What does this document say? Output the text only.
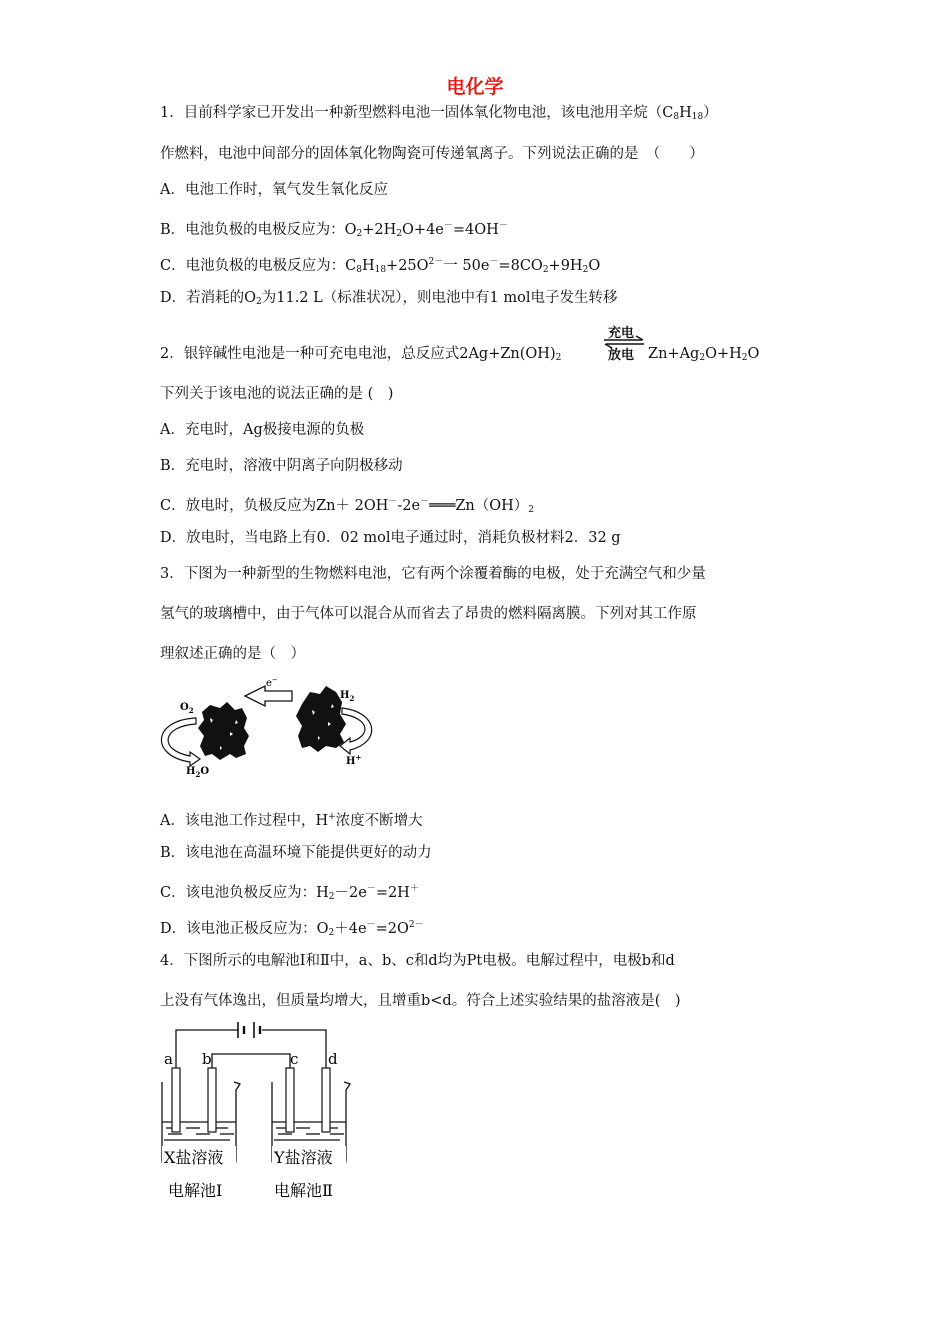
电化学
1．目前科学家已开发出一种新型燃料电池一固体氧化物电池，该电池用辛烷$(C_8H_{18})$
作燃料，电池中间部分的固体氧化物陶瓷可传递氧离子。下列说法正确的是　（　　）
A．电池工作时，氧气发生氧化反应
B．电池负极的电极反应为：$O_2+2H_2O+4e^-=4OH^-$
C．电池负极的电极反应为：$C_8H_{18}+25O^{2-}$一 $50e^-=8CO_2+9H_2O$
D．若消耗的$O_2$为11.2 L（标准状况），则电池中有1 mol电子发生转移
2．银锌碱性电池是一种可充电电池，总反应式$2Ag+Zn(OH)_2$
充电
放电 $Zn+Ag_2O+H_2O$
下列关于该电池的说法正确的是 (　)
A．充电时，Ag极接电源的负极
B．充电时，溶液中阴离子向阴极移动
C．放电时，负极反应为$Zn+ 2OH^--2e^-═══Zn(OH)_2$
D．放电时，当电路上有0．02 mol电子通过时，消耗负极材料2．32 g
3．下图为一种新型的生物燃料电池，它有两个涂覆着酶的电极，处于充满空气和少量
氢气的玻璃槽中，由于气体可以混合从而省去了昂贵的燃料隔离膜。下列对其工作原
理叙述正确的是（　）
e−
$O_2$
$H_2$
$H_2O$
H+
A．该电池工作过程中，H+浓度不断增大
B．该电池在高温环境下能提供更好的动力
C．该电池负极反应为：$H_2-2e^-=2H^+$
D．该电池正极反应为：$O_2+4e^-=2O^{2-}$
4．下图所示的电解池Ⅰ和Ⅱ中，a、b、c和d均为Pt电极。电解过程中，电极b和d
上没有气体逸出，但质量均增大，且增重b<d。符合上述实验结果的盐溶液是(　)
a b	c d
X盐溶液	Y盐溶液
电解池Ⅰ	电解池Ⅱ
